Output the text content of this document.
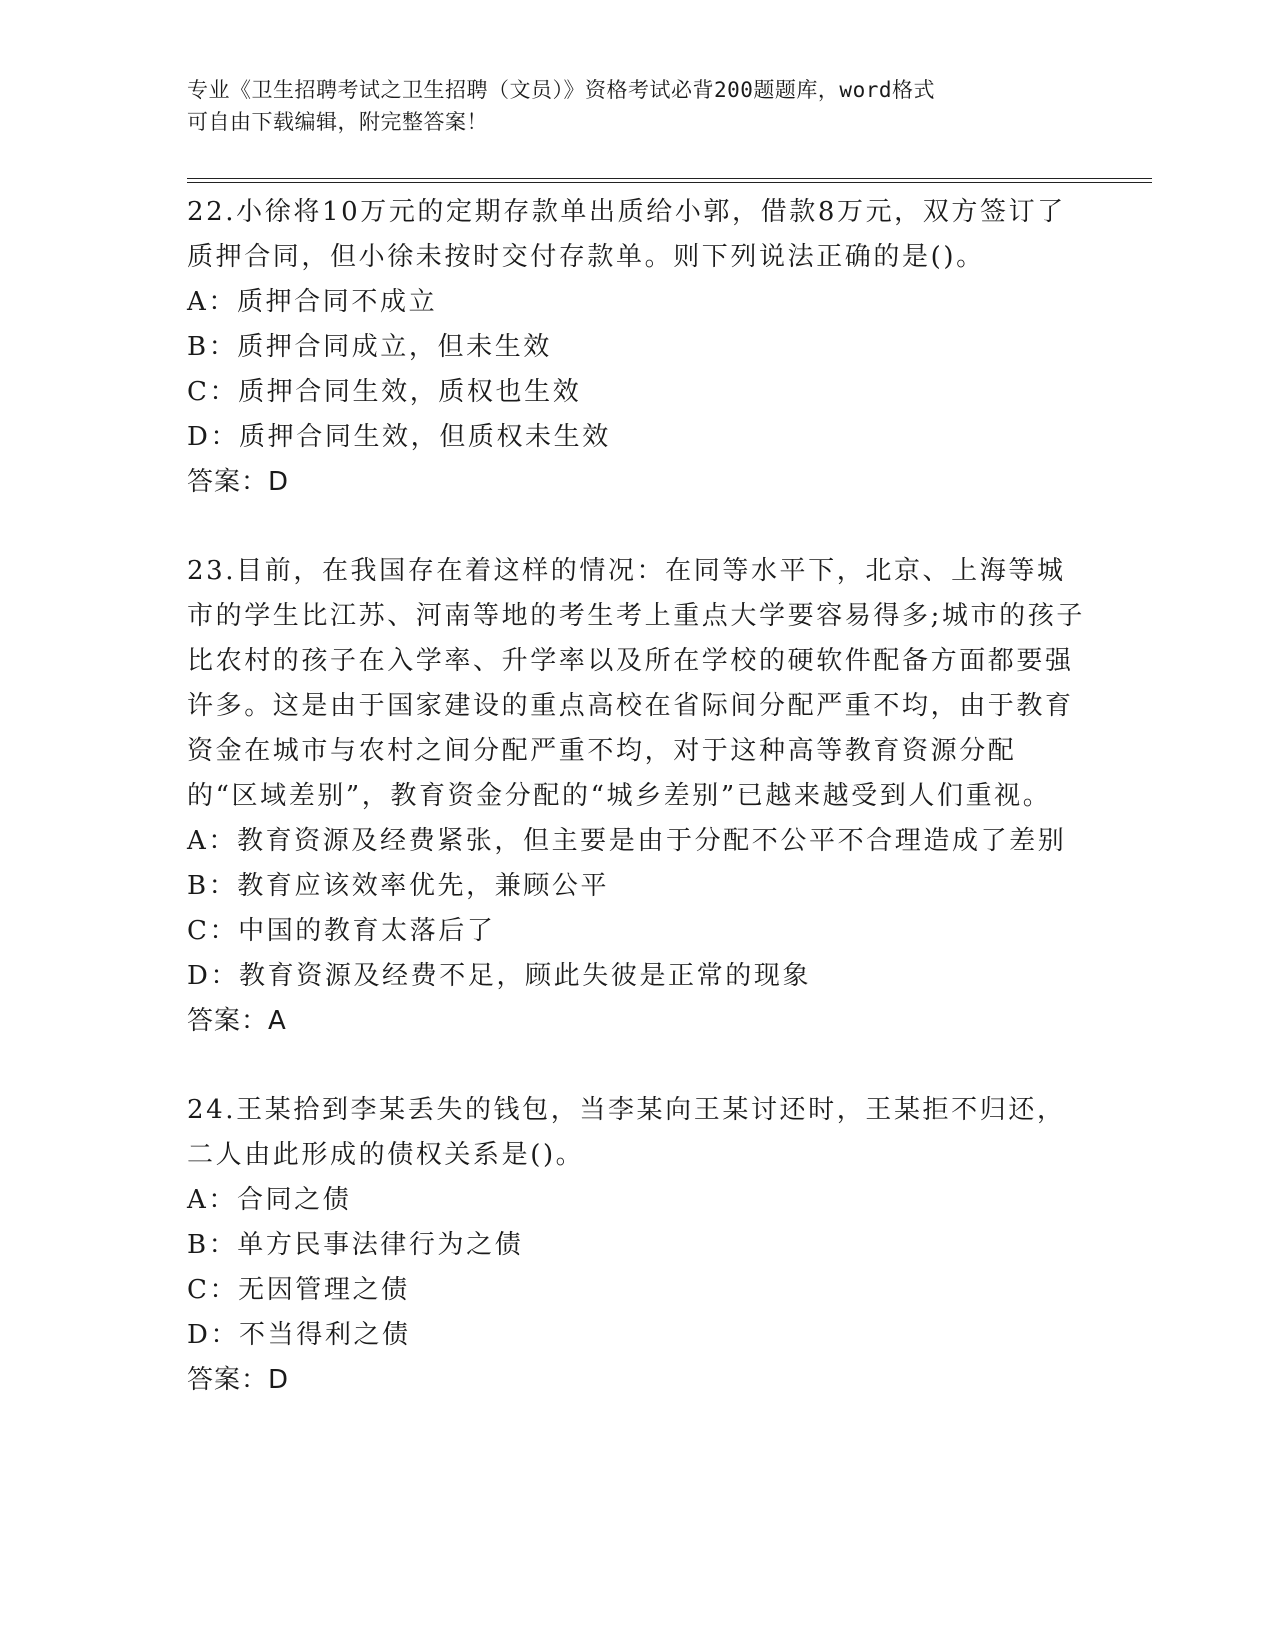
专业《卫生招聘考试之卫生招聘（文员）》资格考试必背200题题库，word格式
可自由下载编辑，附完整答案！

22.小徐将10万元的定期存款单出质给小郭，借款8万元，双方签订了质押合同，但小徐未按时交付存款单。则下列说法正确的是()。

A：质押合同不成立

B：质押合同成立，但未生效

C：质押合同生效，质权也生效

D：质押合同生效，但质权未生效

答案：D

23.目前，在我国存在着这样的情况：在同等水平下，北京、上海等城市的学生比江苏、河南等地的考生考上重点大学要容易得多;城市的孩子比农村的孩子在入学率、升学率以及所在学校的硬软件配备方面都要强许多。这是由于国家建设的重点高校在省际间分配严重不均，由于教育资金在城市与农村之间分配严重不均，对于这种高等教育资源分配的“区域差别”，教育资金分配的“城乡差别”已越来越受到人们重视。

A：教育资源及经费紧张，但主要是由于分配不公平不合理造成了差别

B：教育应该效率优先，兼顾公平

C：中国的教育太落后了

D：教育资源及经费不足，顾此失彼是正常的现象

答案：A

24.王某拾到李某丢失的钱包，当李某向王某讨还时，王某拒不归还，二人由此形成的债权关系是()。

A：合同之债

B：单方民事法律行为之债

C：无因管理之债

D：不当得利之债

答案：D
